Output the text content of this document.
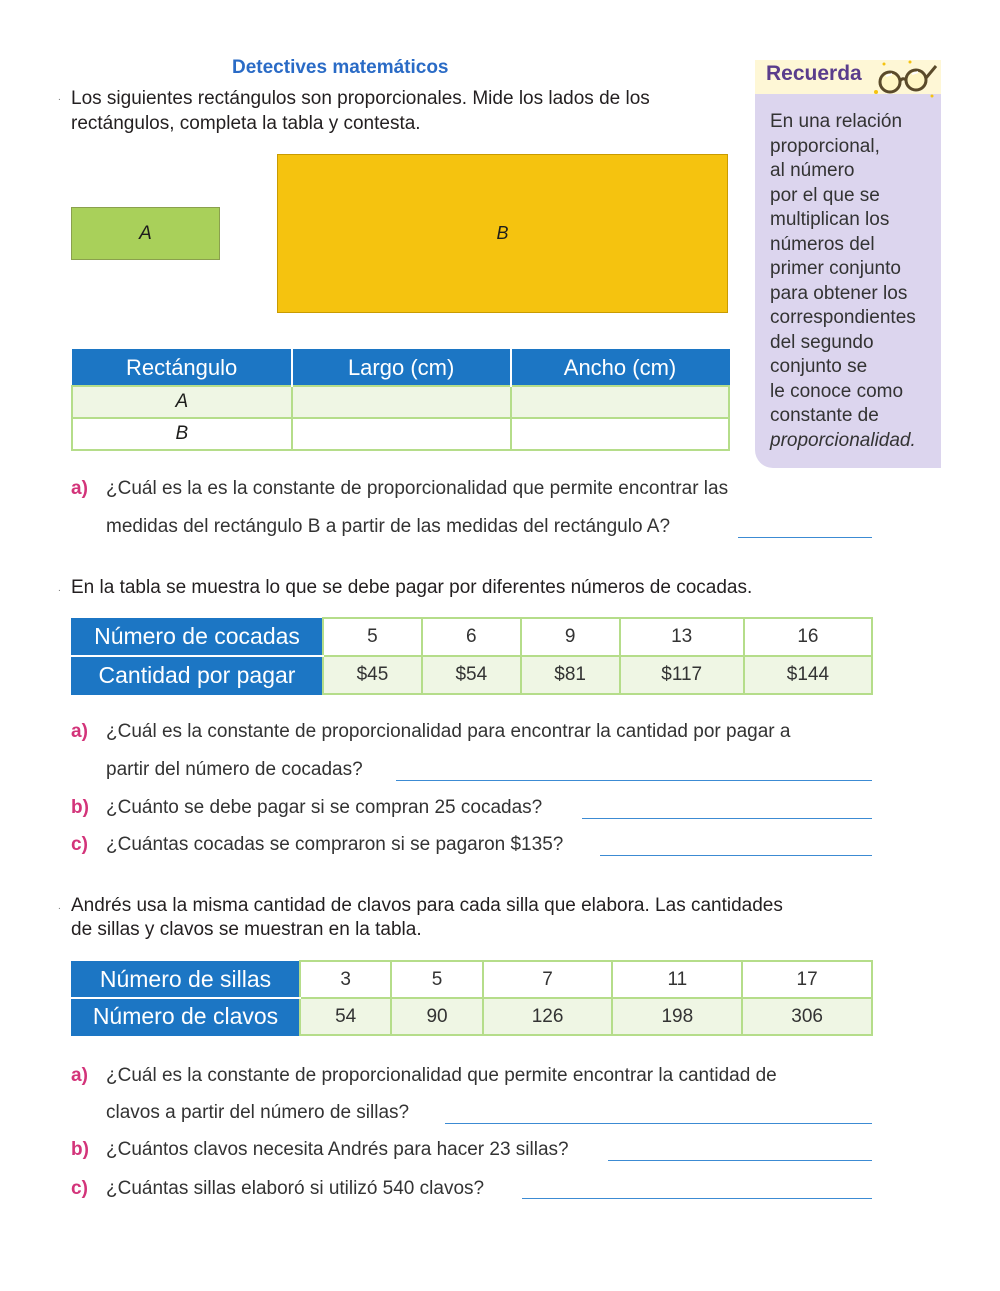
Detectives matemáticos
. Los siguientes rectángulos son proporcionales. Mide los lados de los
rectángulos, completa la tabla y contesta.
A	B
Rectángulo	Largo (cm)	Ancho (cm)
A		
B		
a) ¿Cuál es la es la constante de proporcionalidad que permite encontrar las
medidas del rectángulo B a partir de las medidas del rectángulo A?
. En la tabla se muestra lo que se debe pagar por diferentes números de cocadas.
Número de cocadas	5	6	9	13	16
Cantidad por pagar	$45	$54	$81	$117	$144
a) ¿Cuál es la constante de proporcionalidad para encontrar la cantidad por pagar a
partir del número de cocadas?
b) ¿Cuánto se debe pagar si se compran 25 cocadas?
c) ¿Cuántas cocadas se compraron si se pagaron $135?
. Andrés usa la misma cantidad de clavos para cada silla que elabora. Las cantidades
de sillas y clavos se muestran en la tabla.
Número de sillas	3	5	7	11	17
Número de clavos	54	90	126	198	306
a) ¿Cuál es la constante de proporcionalidad que permite encontrar la cantidad de
clavos a partir del número de sillas?
b) ¿Cuántos clavos necesita Andrés para hacer 23 sillas?
c) ¿Cuántas sillas elaboró si utilizó 540 clavos?
Recuerda
En una relación
proporcional,
al número
por el que se
multiplican los
números del
primer conjunto
para obtener los
correspondientes
del segundo
conjunto se
le conoce como
constante de
proporcionalidad.
